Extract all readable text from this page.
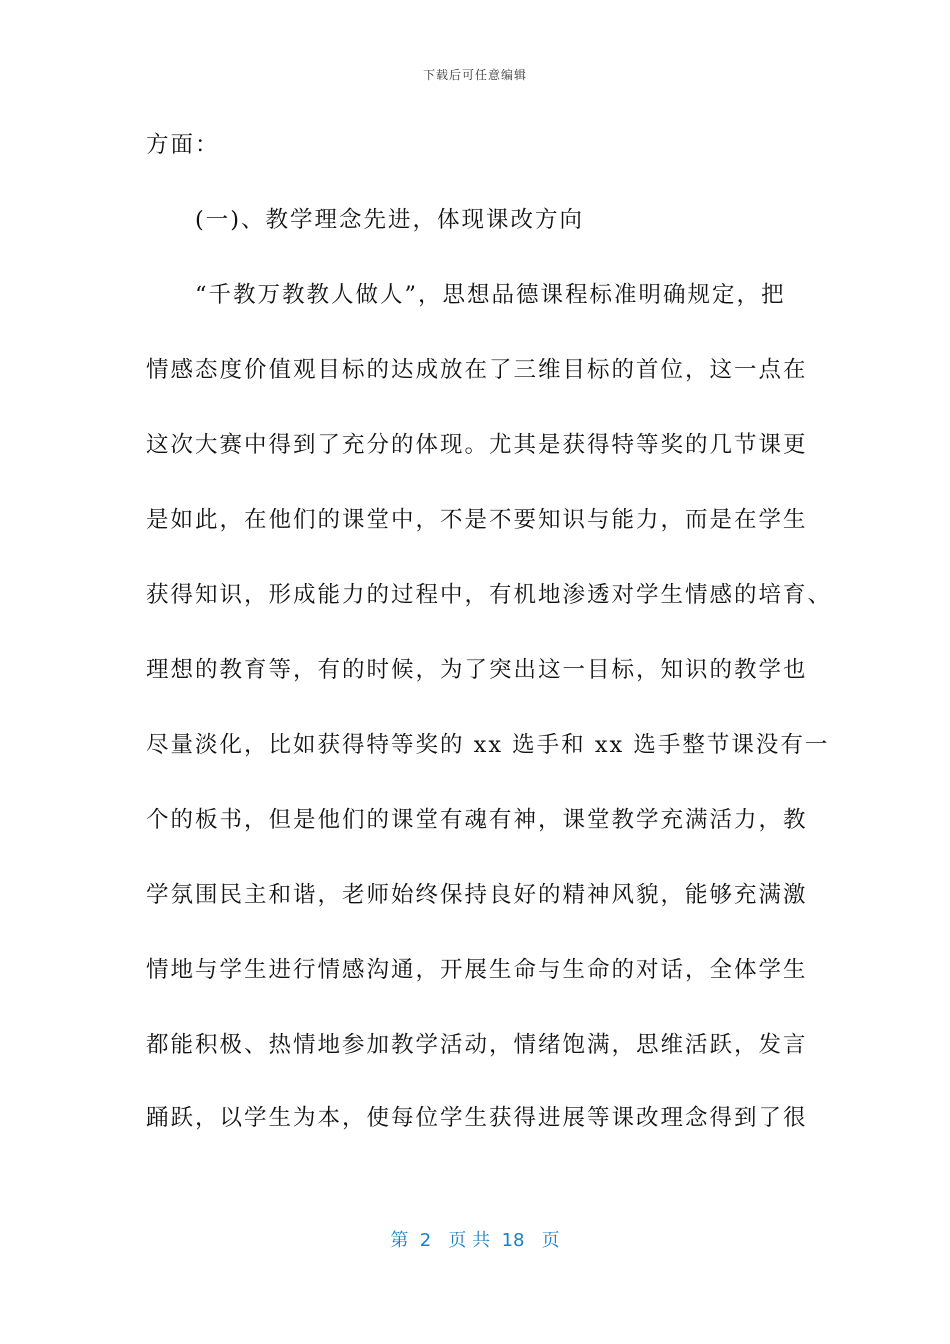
下载后可任意编辑
方面：
　　(一)、教学理念先进，体现课改方向
　　“千教万教教人做人”，思想品德课程标准明确规定，把
情感态度价值观目标的达成放在了三维目标的首位，这一点在
这次大赛中得到了充分的体现。尤其是获得特等奖的几节课更
是如此，在他们的课堂中，不是不要知识与能力，而是在学生
获得知识，形成能力的过程中，有机地渗透对学生情感的培育、
理想的教育等，有的时候，为了突出这一目标，知识的教学也
尽量淡化，比如获得特等奖的 xx 选手和 xx 选手整节课没有一
个的板书，但是他们的课堂有魂有神，课堂教学充满活力，教
学氛围民主和谐，老师始终保持良好的精神风貌，能够充满激
情地与学生进行情感沟通，开展生命与生命的对话，全体学生
都能积极、热情地参加教学活动，情绪饱满，思维活跃，发言
踊跃，以学生为本，使每位学生获得进展等课改理念得到了很
第  2   页 共  18   页
